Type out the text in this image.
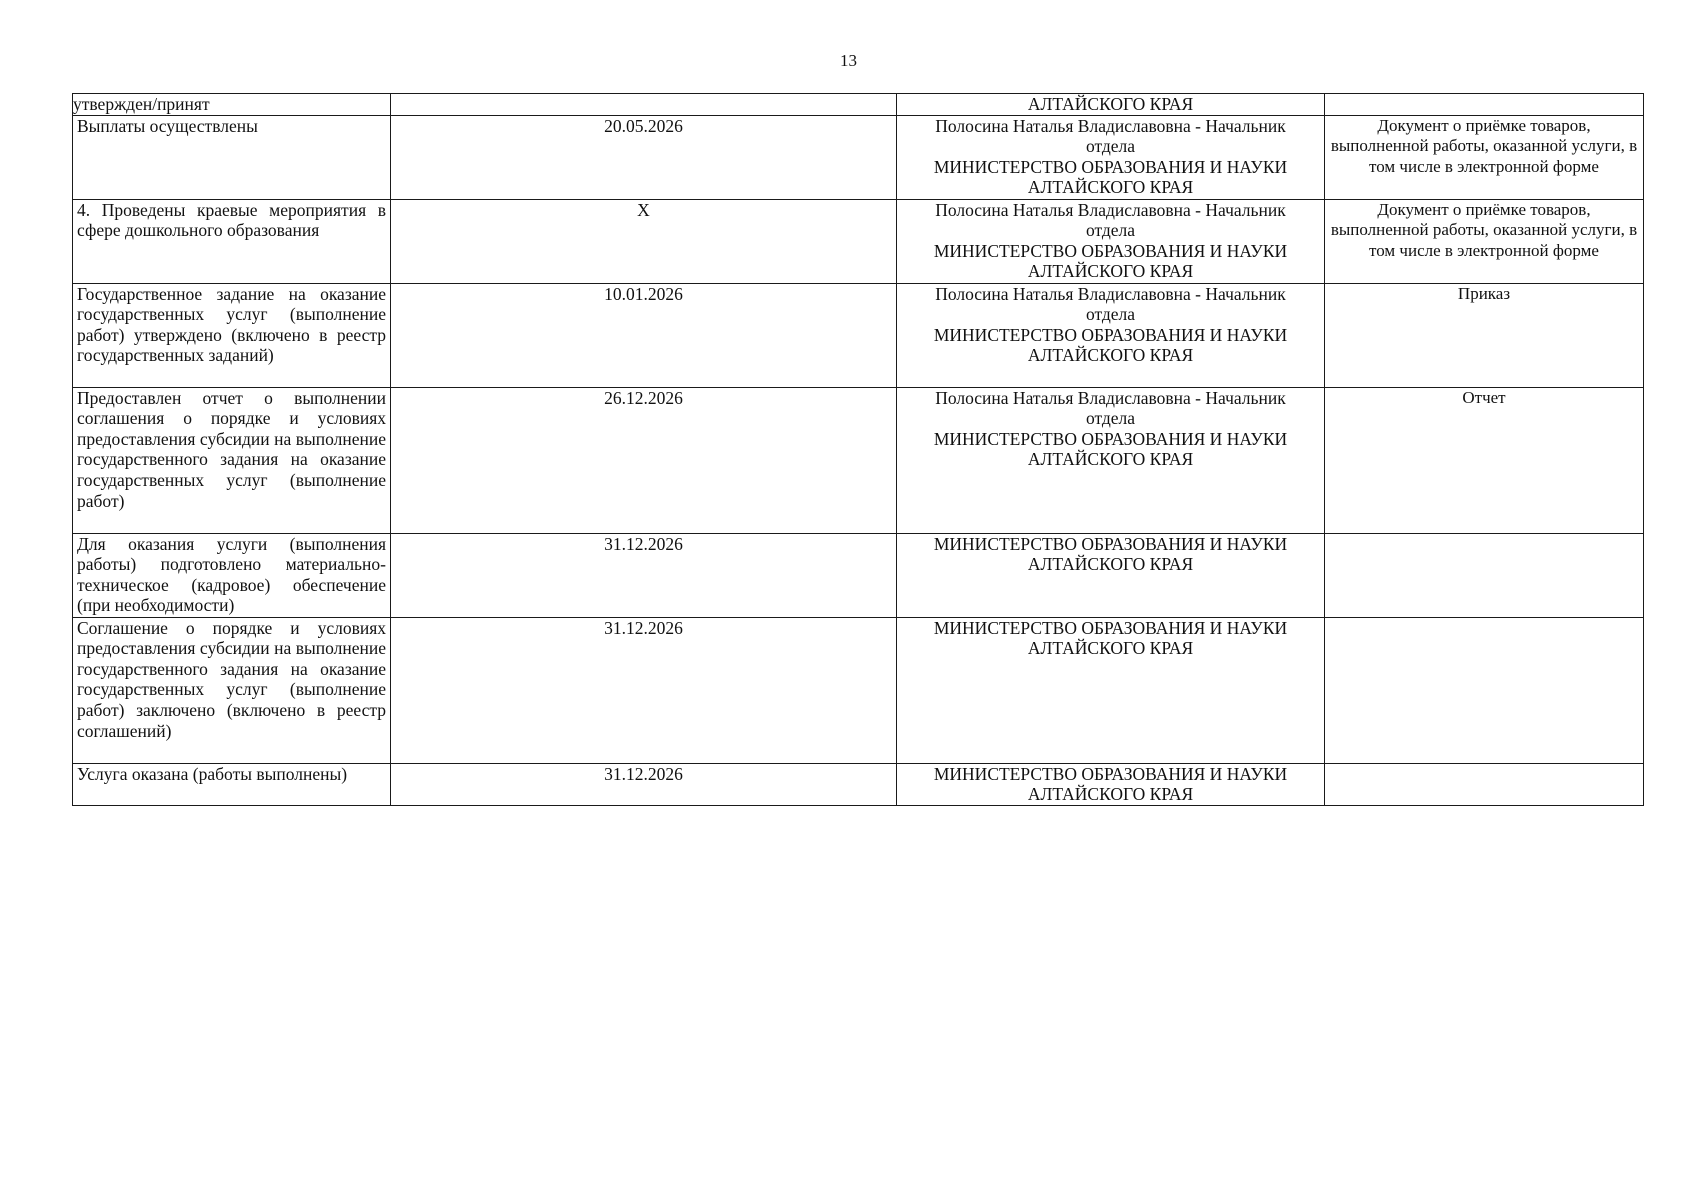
13
утвержден/принят		АЛТАЙСКОГО КРАЯ	

Выплаты осуществлены	20.05.2026	Полосина Наталья Владиславовна - Начальник
отдела
МИНИСТЕРСТВО ОБРАЗОВАНИЯ И НАУКИ
АЛТАЙСКОГО КРАЯ	Документ о приёмке товаров, выполненной работы, оказанной услуги, в том числе в электронной форме
4. Проведены краевые мероприятия в сфере дошкольного образования	X	Полосина Наталья Владиславовна - Начальник
отдела
МИНИСТЕРСТВО ОБРАЗОВАНИЯ И НАУКИ
АЛТАЙСКОГО КРАЯ	Документ о приёмке товаров, выполненной работы, оказанной услуги, в том числе в электронной форме
Государственное задание на оказание государственных услуг (выполнение работ) утверждено (включено в реестр государственных заданий)	10.01.2026	Полосина Наталья Владиславовна - Начальник
отдела
МИНИСТЕРСТВО ОБРАЗОВАНИЯ И НАУКИ
АЛТАЙСКОГО КРАЯ	Приказ
Предоставлен отчет о выполнении соглашения о порядке и условиях предоставления субсидии на выполнение государственного задания на оказание государственных услуг (выполнение работ)	26.12.2026	Полосина Наталья Владиславовна - Начальник
отдела
МИНИСТЕРСТВО ОБРАЗОВАНИЯ И НАУКИ
АЛТАЙСКОГО КРАЯ	Отчет
Для оказания услуги (выполнения работы) подготовлено материально-техническое (кадровое) обеспечение (при необходимости)	31.12.2026	МИНИСТЕРСТВО ОБРАЗОВАНИЯ И НАУКИ
АЛТАЙСКОГО КРАЯ	

Соглашение о порядке и условиях предоставления субсидии на выполнение государственного задания на оказание государственных услуг (выполнение работ) заключено (включено в реестр соглашений)	31.12.2026	МИНИСТЕРСТВО ОБРАЗОВАНИЯ И НАУКИ
АЛТАЙСКОГО КРАЯ	

Услуга оказана (работы выполнены)	31.12.2026	МИНИСТЕРСТВО ОБРАЗОВАНИЯ И НАУКИ
АЛТАЙСКОГО КРАЯ	
